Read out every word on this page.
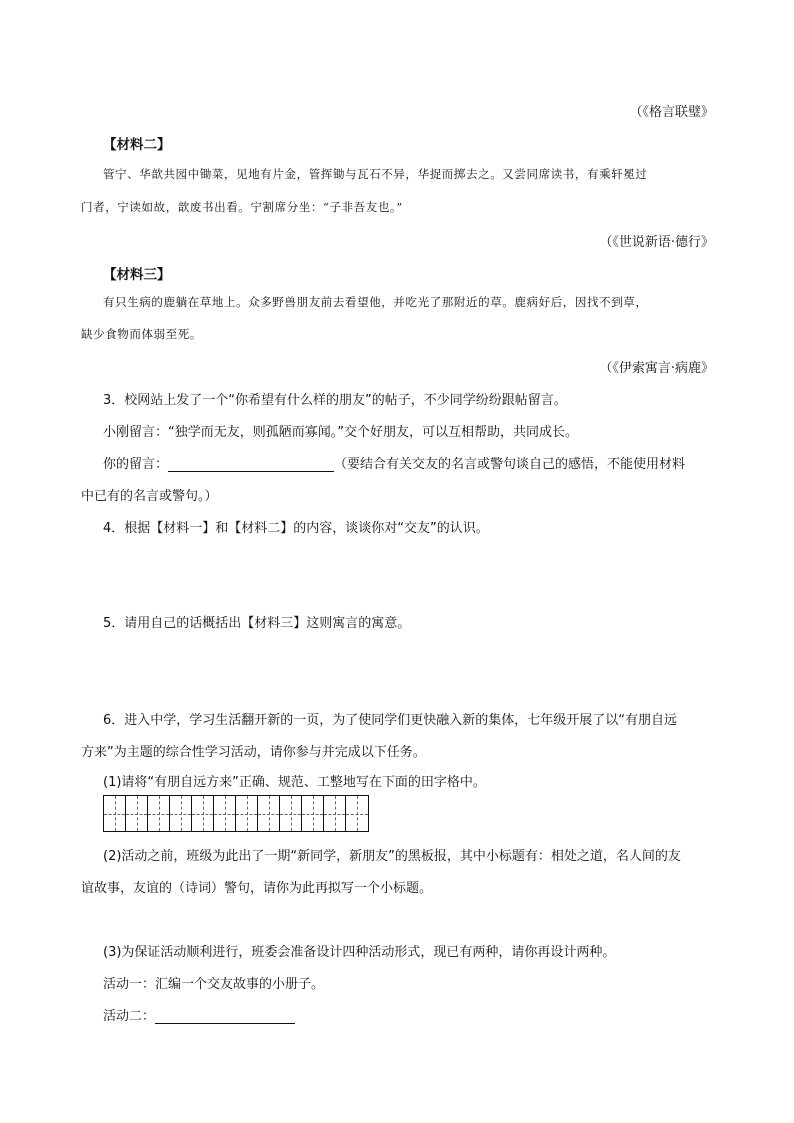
（《格言联璧》
【材料二】
管宁、华歆共园中锄菜，见地有片金，管挥锄与瓦石不异，华捉而掷去之。又尝同席读书，有乘轩冕过
门者，宁读如故，歆废书出看。宁割席分坐：“子非吾友也。”
（《世说新语·德行》
【材料三】
有只生病的鹿躺在草地上。众多野兽朋友前去看望他，并吃光了那附近的草。鹿病好后，因找不到草，
缺少食物而体弱至死。
（《伊索寓言·病鹿》
3．校网站上发了一个“你希望有什么样的朋友”的帖子，不少同学纷纷跟帖留言。
小刚留言：“独学而无友，则孤陋而寡闻。”交个好朋友，可以互相帮助，共同成长。
你的留言：	（要结合有关交友的名言或警句谈自己的感悟，不能使用材料
中已有的名言或警句。）
4．根据【材料一】和【材料二】的内容，谈谈你对“交友”的认识。
5．请用自己的话概括出【材料三】这则寓言的寓意。
6．进入中学，学习生活翻开新的一页，为了使同学们更快融入新的集体，七年级开展了以“有朋自远
方来”为主题的综合性学习活动，请你参与并完成以下任务。
(1)请将“有朋自远方来”正确、规范、工整地写在下面的田字格中。
(2)活动之前，班级为此出了一期“新同学，新朋友”的黑板报，其中小标题有：相处之道，名人间的友
谊故事，友谊的（诗词）警句，请你为此再拟写一个小标题。
(3)为保证活动顺利进行，班委会准备设计四种活动形式，现已有两种，请你再设计两种。
活动一：汇编一个交友故事的小册子。
活动二：
